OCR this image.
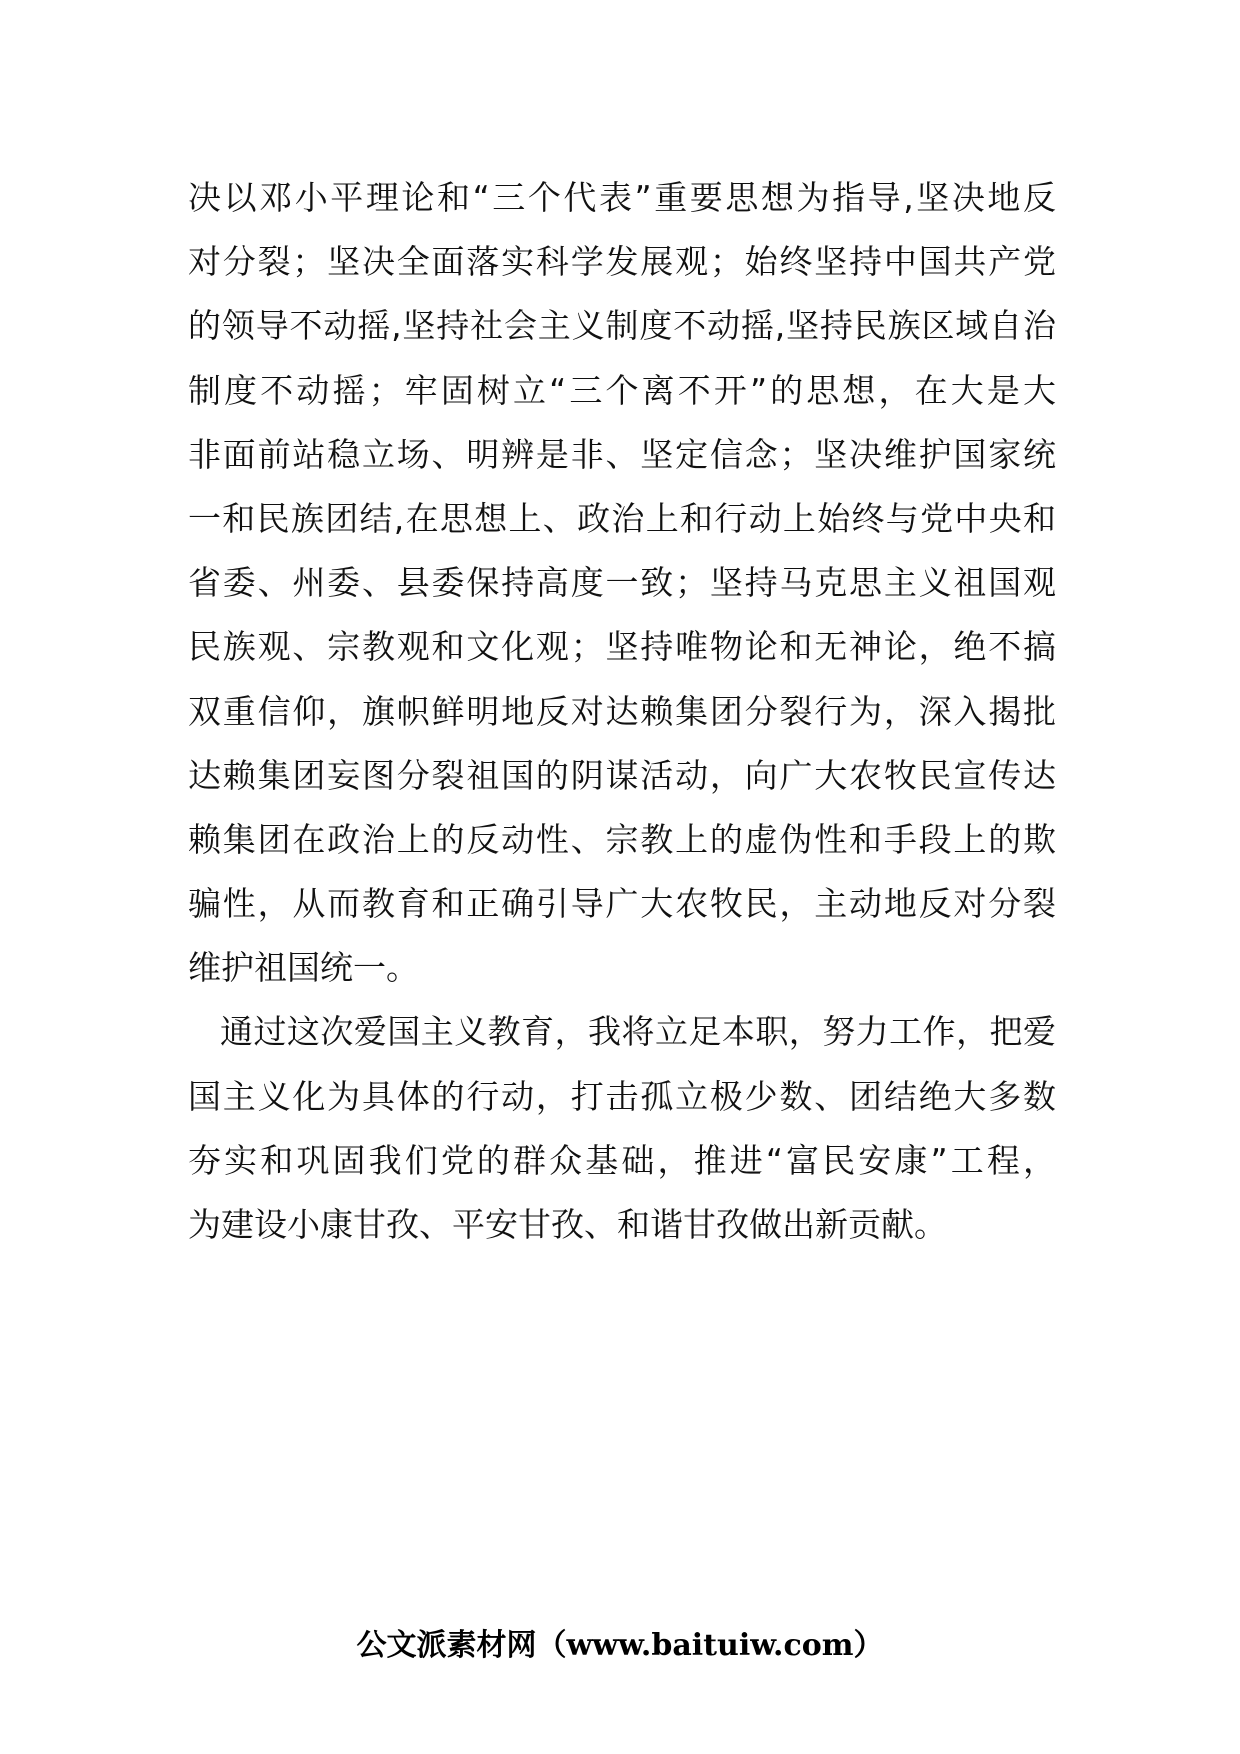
决以邓小平理论和“三个代表”重要思想为指导,坚决地反
对分裂；坚决全面落实科学发展观；始终坚持中国共产党
的领导不动摇,坚持社会主义制度不动摇,坚持民族区域自治
制度不动摇；牢固树立“三个离不开”的思想，在大是大
非面前站稳立场、明辨是非、坚定信念；坚决维护国家统
一和民族团结,在思想上、政治上和行动上始终与党中央和
省委、州委、县委保持高度一致；坚持马克思主义祖国观
民族观、宗教观和文化观；坚持唯物论和无神论，绝不搞
双重信仰，旗帜鲜明地反对达赖集团分裂行为，深入揭批
达赖集团妄图分裂祖国的阴谋活动，向广大农牧民宣传达
赖集团在政治上的反动性、宗教上的虚伪性和手段上的欺
骗性，从而教育和正确引导广大农牧民，主动地反对分裂
维护祖国统一。
通过这次爱国主义教育，我将立足本职，努力工作，把爱
国主义化为具体的行动，打击孤立极少数、团结绝大多数
夯实和巩固我们党的群众基础，推进“富民安康”工程，
为建设小康甘孜、平安甘孜、和谐甘孜做出新贡献。
公文派素材网（www.baituiw.com）
